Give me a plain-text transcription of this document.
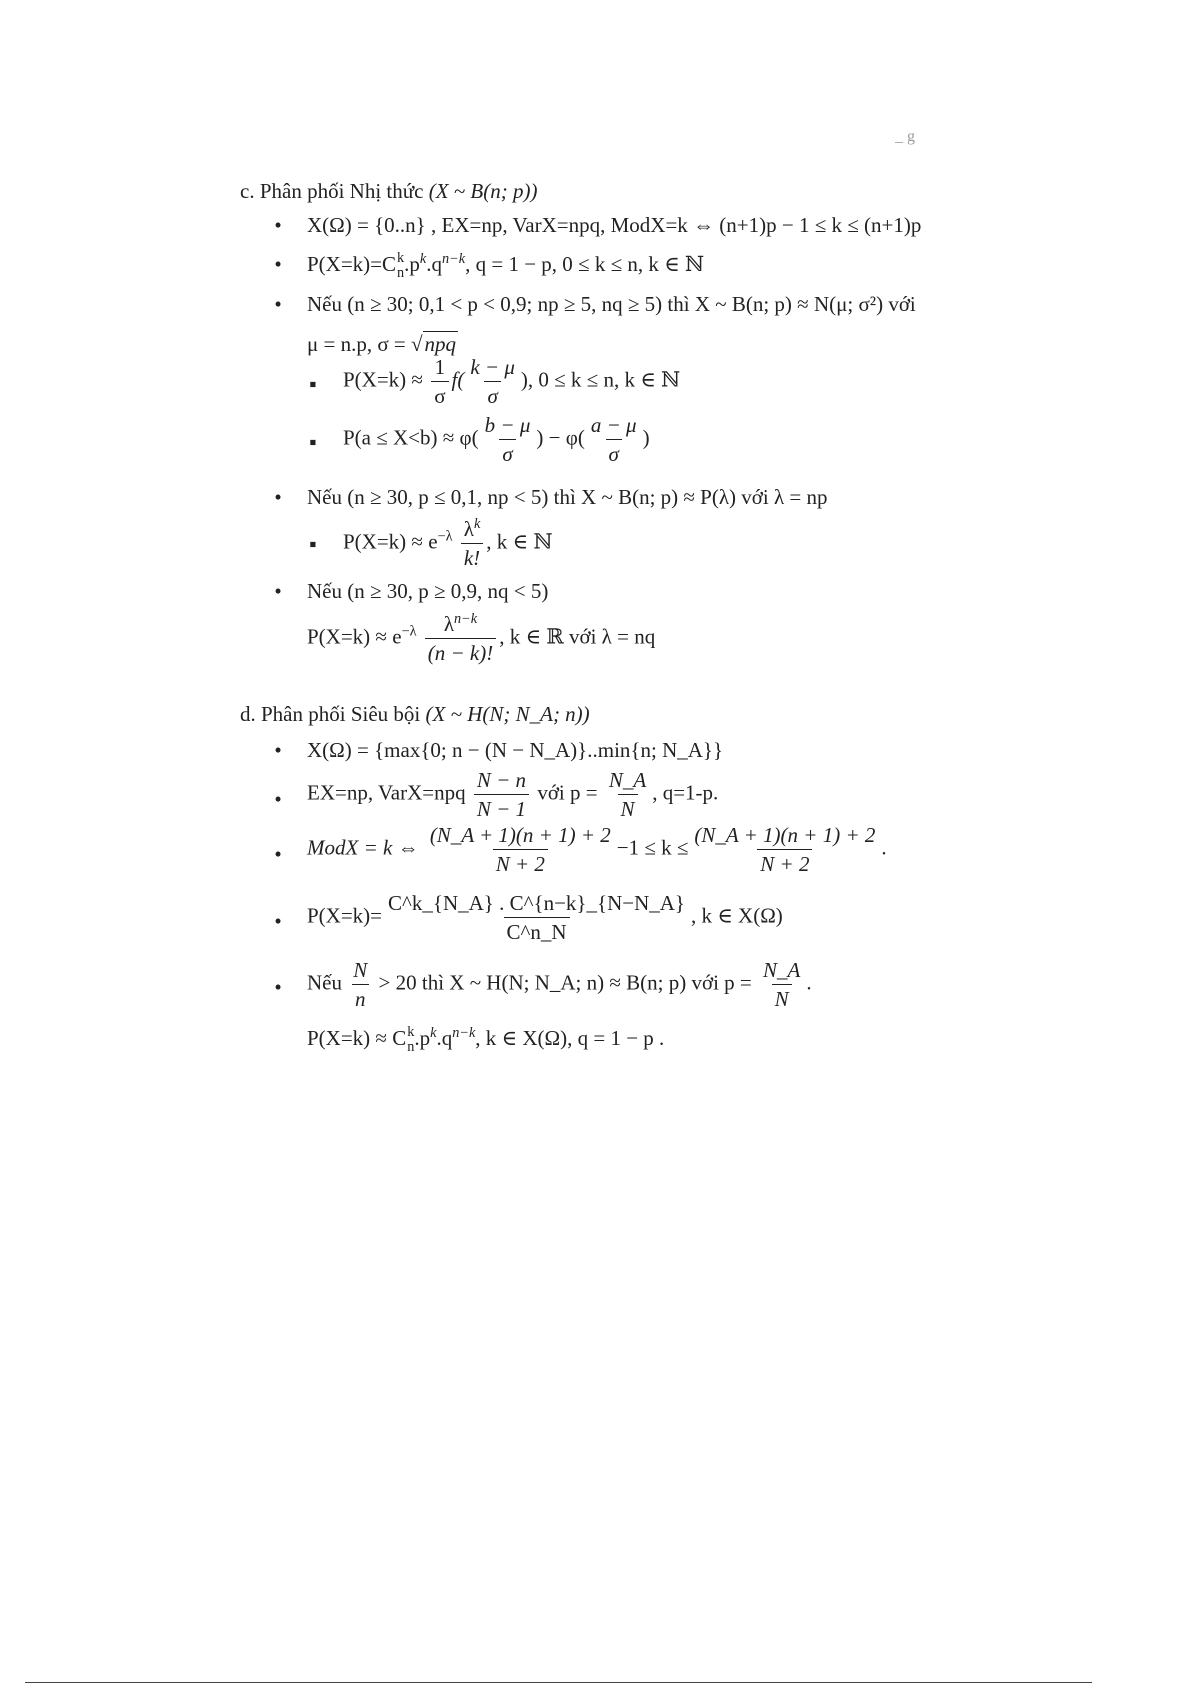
_ g
c. Phân phối Nhị thức (X ~ B(n; p))
•	X(Ω) = {0..n} , EX=np, VarX=npq, ModX=k ⇔ (n+1)p − 1 ≤ k ≤ (n+1)p
•	P(X=k)=C k
n $.p^k.q^{n-k}$, q = 1 − p, 0 ≤ k ≤ n, k ∈ ℕ
•	Nếu (n ≥ 30; 0,1 < p < 0,9; np ≥ 5, nq ≥ 5) thì X ~ B(n; p) ≈ N(μ; σ²) với
μ = n.p, σ = √npq
▪ $P(X=k) \approx \frac{1}{\sigma} f( \frac{k - \mu}{\sigma}$ ), 0 ≤ k ≤ n, k ∈ ℕ
▪ $P(a \le X<b) \approx \varphi( \frac{b - \mu}{\sigma}$ ) − $\varphi( \frac{a - \mu}{\sigma}$ )
•	Nếu (n ≥ 30, p ≤ 0,1, np < 5) thì X ~ B(n; p) ≈ P(λ) với λ = np
▪ $P(X=k) \approx e^{-\lambda} \frac{\lambda^k}{k!}$ , k ∈ ℕ
•	Nếu (n ≥ 30, p ≥ 0,9, nq < 5)
$P(X=k) \approx e^{-\lambda} \frac{\lambda^{n-k}}{(n - k)!}$ , k ∈ ℝ với λ = nq
d. Phân phối Siêu bội (X ~ H(N; N_A; n))
•	X(Ω) = {max{0; n − (N − N_A)}..min{n; N_A}}
•	EX=np, VarX=npq $\frac{N - n}{N - 1}$ với $p = \frac{N\_A}{N}$ , q=1-p.
•	ModX = k ⇔ $\frac{(N\_A + 1)(n + 1) + 2}{N + 2} -1 \le k \le \frac{(N\_A + 1)(n + 1) + 2}{N + 2}$ .
•	$P(X=k)= \frac{C\^{}k\_\{N\_A\} . C\^{}\{n-k\}\_\{N-N\_A\}}{C\^{}n\_N}$ , k ∈ X(Ω)
•	Nếu $\frac{N}{n} > 20$ thì X ~ H(N; N_A; n) ≈ B(n; p) với $p = \frac{N\_A}{N}$ .
P(X=k) ≈ C k
n $.p^k.q^{n-k}$, k ∈ X(Ω), q = 1 − p .
